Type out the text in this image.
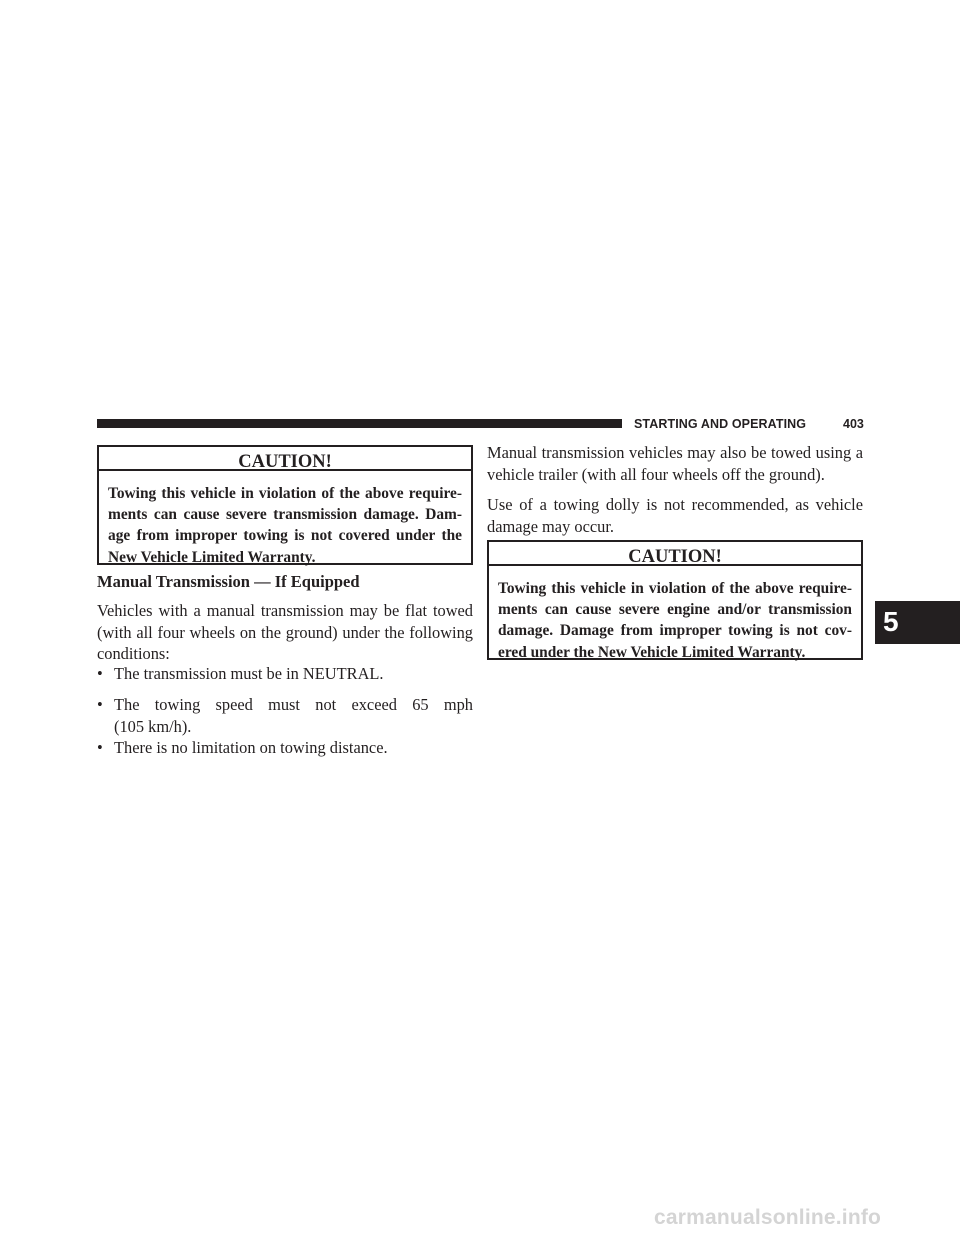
STARTING AND OPERATING	403
CAUTION!
Towing this vehicle in violation of the above require-
ments can cause severe transmission damage. Dam-
age from improper towing is not covered under the
New Vehicle Limited Warranty.
Manual Transmission — If Equipped
Vehicles with a manual transmission may be flat towed
(with all four wheels on the ground) under the following
conditions:
• The transmission must be in NEUTRAL.
• The towing speed must not exceed 65 mph
(105 km/h).
• There is no limitation on towing distance.
Manual transmission vehicles may also be towed using a
vehicle trailer (with all four wheels off the ground).
Use of a towing dolly is not recommended, as vehicle
damage may occur.
CAUTION!
Towing this vehicle in violation of the above require-
ments can cause severe engine and/or transmission
damage. Damage from improper towing is not cov-
ered under the New Vehicle Limited Warranty.
5
carmanualsonline.info
